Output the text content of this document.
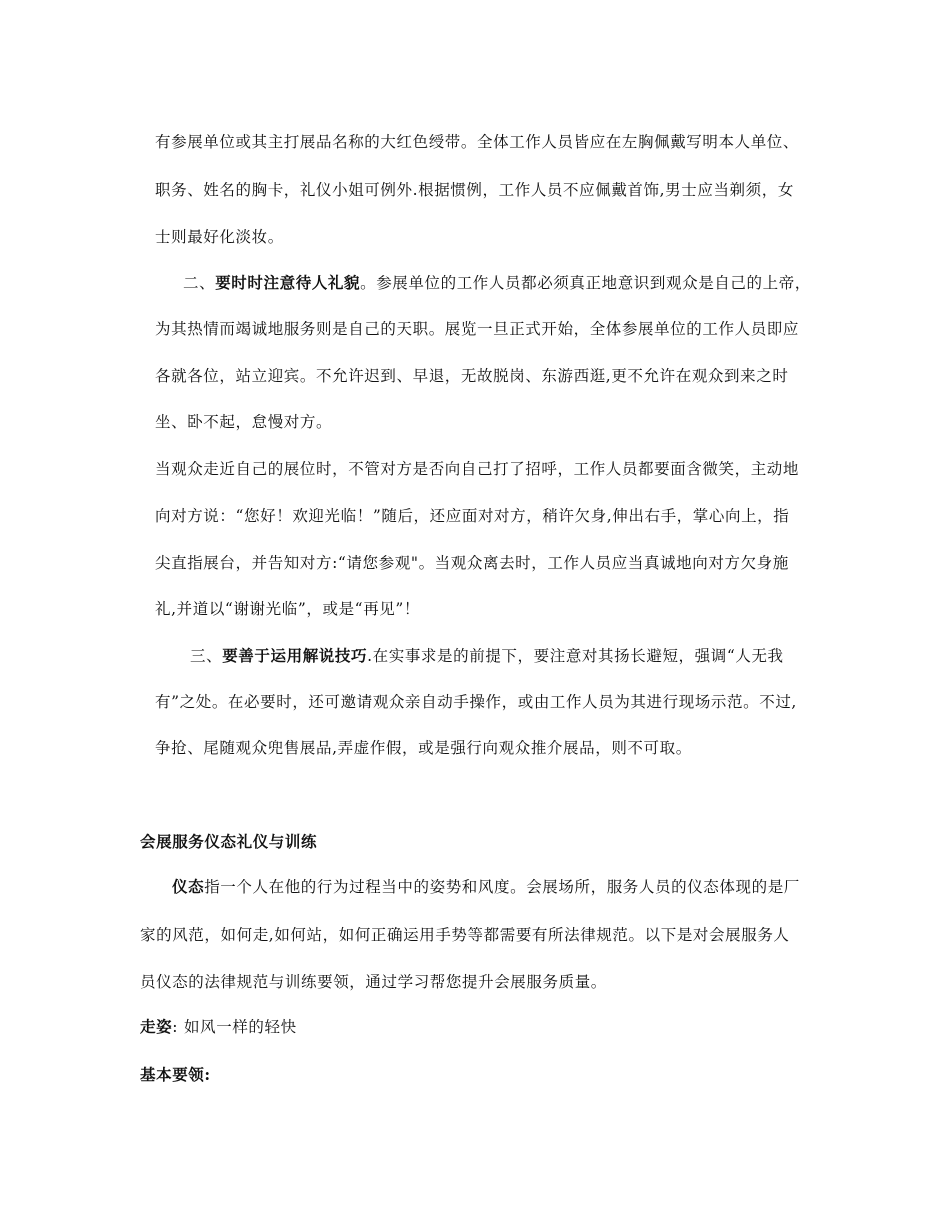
有参展单位或其主打展品名称的大红色绶带。全体工作人员皆应在左胸佩戴写明本人单位、
职务、姓名的胸卡，礼仪小姐可例外.根据惯例，工作人员不应佩戴首饰,男士应当剃须，女
士则最好化淡妆。
二、要时时注意待人礼貌。参展单位的工作人员都必须真正地意识到观众是自己的上帝，
为其热情而竭诚地服务则是自己的天职。展览一旦正式开始，全体参展单位的工作人员即应
各就各位，站立迎宾。不允许迟到、早退，无故脱岗、东游西逛,更不允许在观众到来之时
坐、卧不起，怠慢对方。
当观众走近自己的展位时，不管对方是否向自己打了招呼，工作人员都要面含微笑，主动地
向对方说：“您好！欢迎光临！”随后，还应面对对方，稍许欠身,伸出右手，掌心向上，指
尖直指展台，并告知对方:“请您参观"。当观众离去时，工作人员应当真诚地向对方欠身施
礼,并道以“谢谢光临”，或是“再见”！
三、要善于运用解说技巧.在实事求是的前提下，要注意对其扬长避短，强调“人无我
有”之处。在必要时，还可邀请观众亲自动手操作，或由工作人员为其进行现场示范。不过,
争抢、尾随观众兜售展品,弄虚作假，或是强行向观众推介展品，则不可取。
会展服务仪态礼仪与训练
仪态指一个人在他的行为过程当中的姿势和风度。会展场所，服务人员的仪态体现的是厂
家的风范，如何走,如何站，如何正确运用手势等都需要有所法律规范。以下是对会展服务人
员仪态的法律规范与训练要领，通过学习帮您提升会展服务质量。
走姿: 如风一样的轻快
基本要领:
